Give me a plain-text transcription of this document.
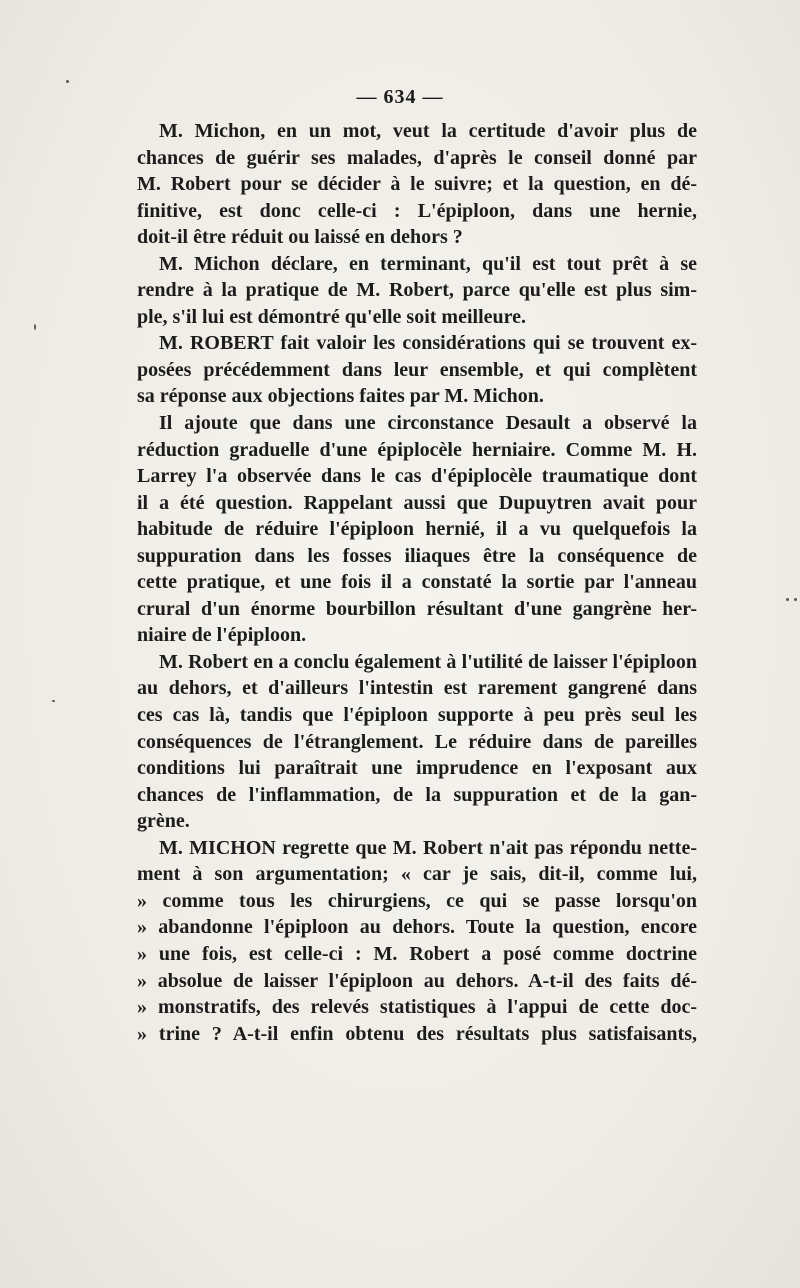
— 634 —
M. Michon, en un mot, veut la certitude d'avoir plus de
chances de guérir ses malades, d'après le conseil donné par
M. Robert pour se décider à le suivre; et la question, en dé-
finitive, est donc celle-ci : L'épiploon, dans une hernie,
doit-il être réduit ou laissé en dehors ?
M. Michon déclare, en terminant, qu'il est tout prêt à se
rendre à la pratique de M. Robert, parce qu'elle est plus sim-
ple, s'il lui est démontré qu'elle soit meilleure.
M. ROBERT fait valoir les considérations qui se trouvent ex-
posées précédemment dans leur ensemble, et qui complètent
sa réponse aux objections faites par M. Michon.
Il ajoute que dans une circonstance Desault a observé la
réduction graduelle d'une épiplocèle herniaire. Comme M. H.
Larrey l'a observée dans le cas d'épiplocèle traumatique dont
il a été question. Rappelant aussi que Dupuytren avait pour
habitude de réduire l'épiploon hernié, il a vu quelquefois la
suppuration dans les fosses iliaques être la conséquence de
cette pratique, et une fois il a constaté la sortie par l'anneau
crural d'un énorme bourbillon résultant d'une gangrène her-
niaire de l'épiploon.
M. Robert en a conclu également à l'utilité de laisser l'épiploon
au dehors, et d'ailleurs l'intestin est rarement gangrené dans
ces cas là, tandis que l'épiploon supporte à peu près seul les
conséquences de l'étranglement. Le réduire dans de pareilles
conditions lui paraîtrait une imprudence en l'exposant aux
chances de l'inflammation, de la suppuration et de la gan-
grène.
M. MICHON regrette que M. Robert n'ait pas répondu nette-
ment à son argumentation; « car je sais, dit-il, comme lui,
» comme tous les chirurgiens, ce qui se passe lorsqu'on
» abandonne l'épiploon au dehors. Toute la question, encore
» une fois, est celle-ci : M. Robert a posé comme doctrine
» absolue de laisser l'épiploon au dehors. A-t-il des faits dé-
» monstratifs, des relevés statistiques à l'appui de cette doc-
» trine ? A-t-il enfin obtenu des résultats plus satisfaisants,
